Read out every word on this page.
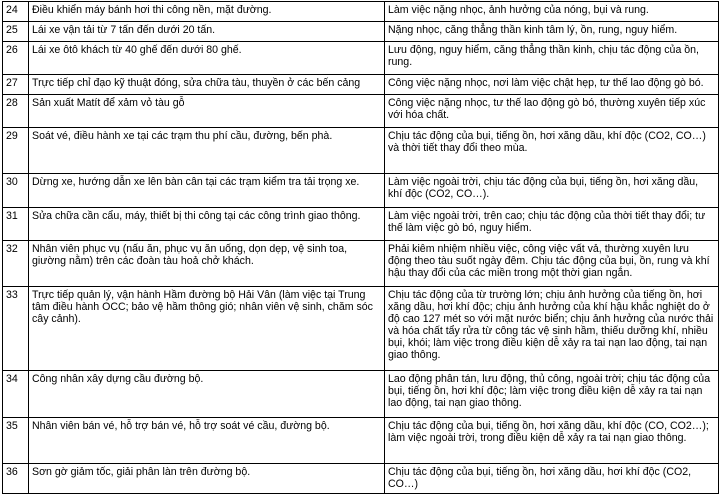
24	Điều khiển máy bánh hơi thi công nền, mặt đường.	Làm việc nặng nhọc, ảnh hưởng của nóng, bụi và rung.
25	Lái xe vận tải từ 7 tấn đến dưới 20 tấn.	Nặng nhọc, căng thẳng thần kinh tâm lý, ồn, rung, nguy hiểm.
26	Lái xe ôtô khách từ 40 ghế đến dưới 80 ghế.	Lưu động, nguy hiểm, căng thẳng thần kinh, chịu tác động của ồn, rung.
27	Trực tiếp chỉ đạo kỹ thuật đóng, sửa chữa tàu, thuyền ở các bến cảng	Công việc nặng nhọc, nơi làm việc chật hẹp, tư thế lao động gò bó.
28	Sản xuất Matít để xảm vỏ tàu gỗ	Công việc nặng nhọc, tư thế lao động gò bó, thường xuyên tiếp xúc với hóa chất.
29	Soát vé, điều hành xe tại các trạm thu phí cầu, đường, bến phà.	Chịu tác động của bụi, tiếng ồn, hơi xăng dầu, khí độc (CO2, CO…) và thời tiết thay đổi theo mùa.
30	Dừng xe, hướng dẫn xe lên bàn cân tại các trạm kiểm tra tải trọng xe.	Làm việc ngoài trời, chịu tác động của bụi, tiếng ồn, hơi xăng dầu, khí độc (CO2, CO…).
31	Sửa chữa cần cẩu, máy, thiết bị thi công tại các công trình giao thông.	Làm việc ngoài trời, trên cao; chịu tác động của thời tiết thay đổi; tư thế làm việc gò bó, nguy hiểm.
32	Nhân viên phục vụ (nấu ăn, phục vụ ăn uống, dọn dẹp, vệ sinh toa, giường nằm) trên các đoàn tàu hoả chở khách.	Phải kiêm nhiệm nhiều việc, công việc vất vả, thường xuyên lưu động theo tàu suốt ngày đêm. Chịu tác động của bụi, ồn, rung và khí hậu thay đổi của các miền trong một thời gian ngắn.
33	Trực tiếp quản lý, vận hành Hầm đường bộ Hải Vân (làm việc tại Trung tâm điều hành OCC; bảo vệ hầm thông gió; nhân viên vệ sinh, chăm sóc cây cảnh).	Chịu tác động của từ trường lớn; chịu ảnh hưởng của tiếng ồn, hơi xăng dầu, hơi khí độc; chịu ảnh hưởng của khí hậu khắc nghiệt do ở độ cao 127 mét so với mặt nước biển; chịu ảnh hưởng của nước thải và hóa chất tẩy rửa từ công tác vệ sinh hầm, thiếu dưỡng khí, nhiều bụi, khói; làm việc trong điều kiện dễ xảy ra tai nạn lao động, tai nạn giao thông.
34	Công nhân xây dựng cầu đường bộ.	Lao động phân tán, lưu động, thủ công, ngoài trời; chịu tác động của bụi, tiếng ồn, hơi khí độc; làm việc trong điều kiện dễ xảy ra tai nạn lao động, tai nạn giao thông.
35	Nhân viên bán vé, hỗ trợ bán vé, hỗ trợ soát vé cầu, đường bộ.	Chịu tác động của bụi, tiếng ồn, hơi xăng dầu, khí độc (CO, CO2…); làm việc ngoài trời, trong điều kiện dễ xảy ra tai nạn giao thông.
36	Sơn gờ giảm tốc, giải phân làn trên đường bộ.	Chịu tác động của bụi, tiếng ồn, hơi xăng dầu, hơi khí độc (CO2, CO…)
